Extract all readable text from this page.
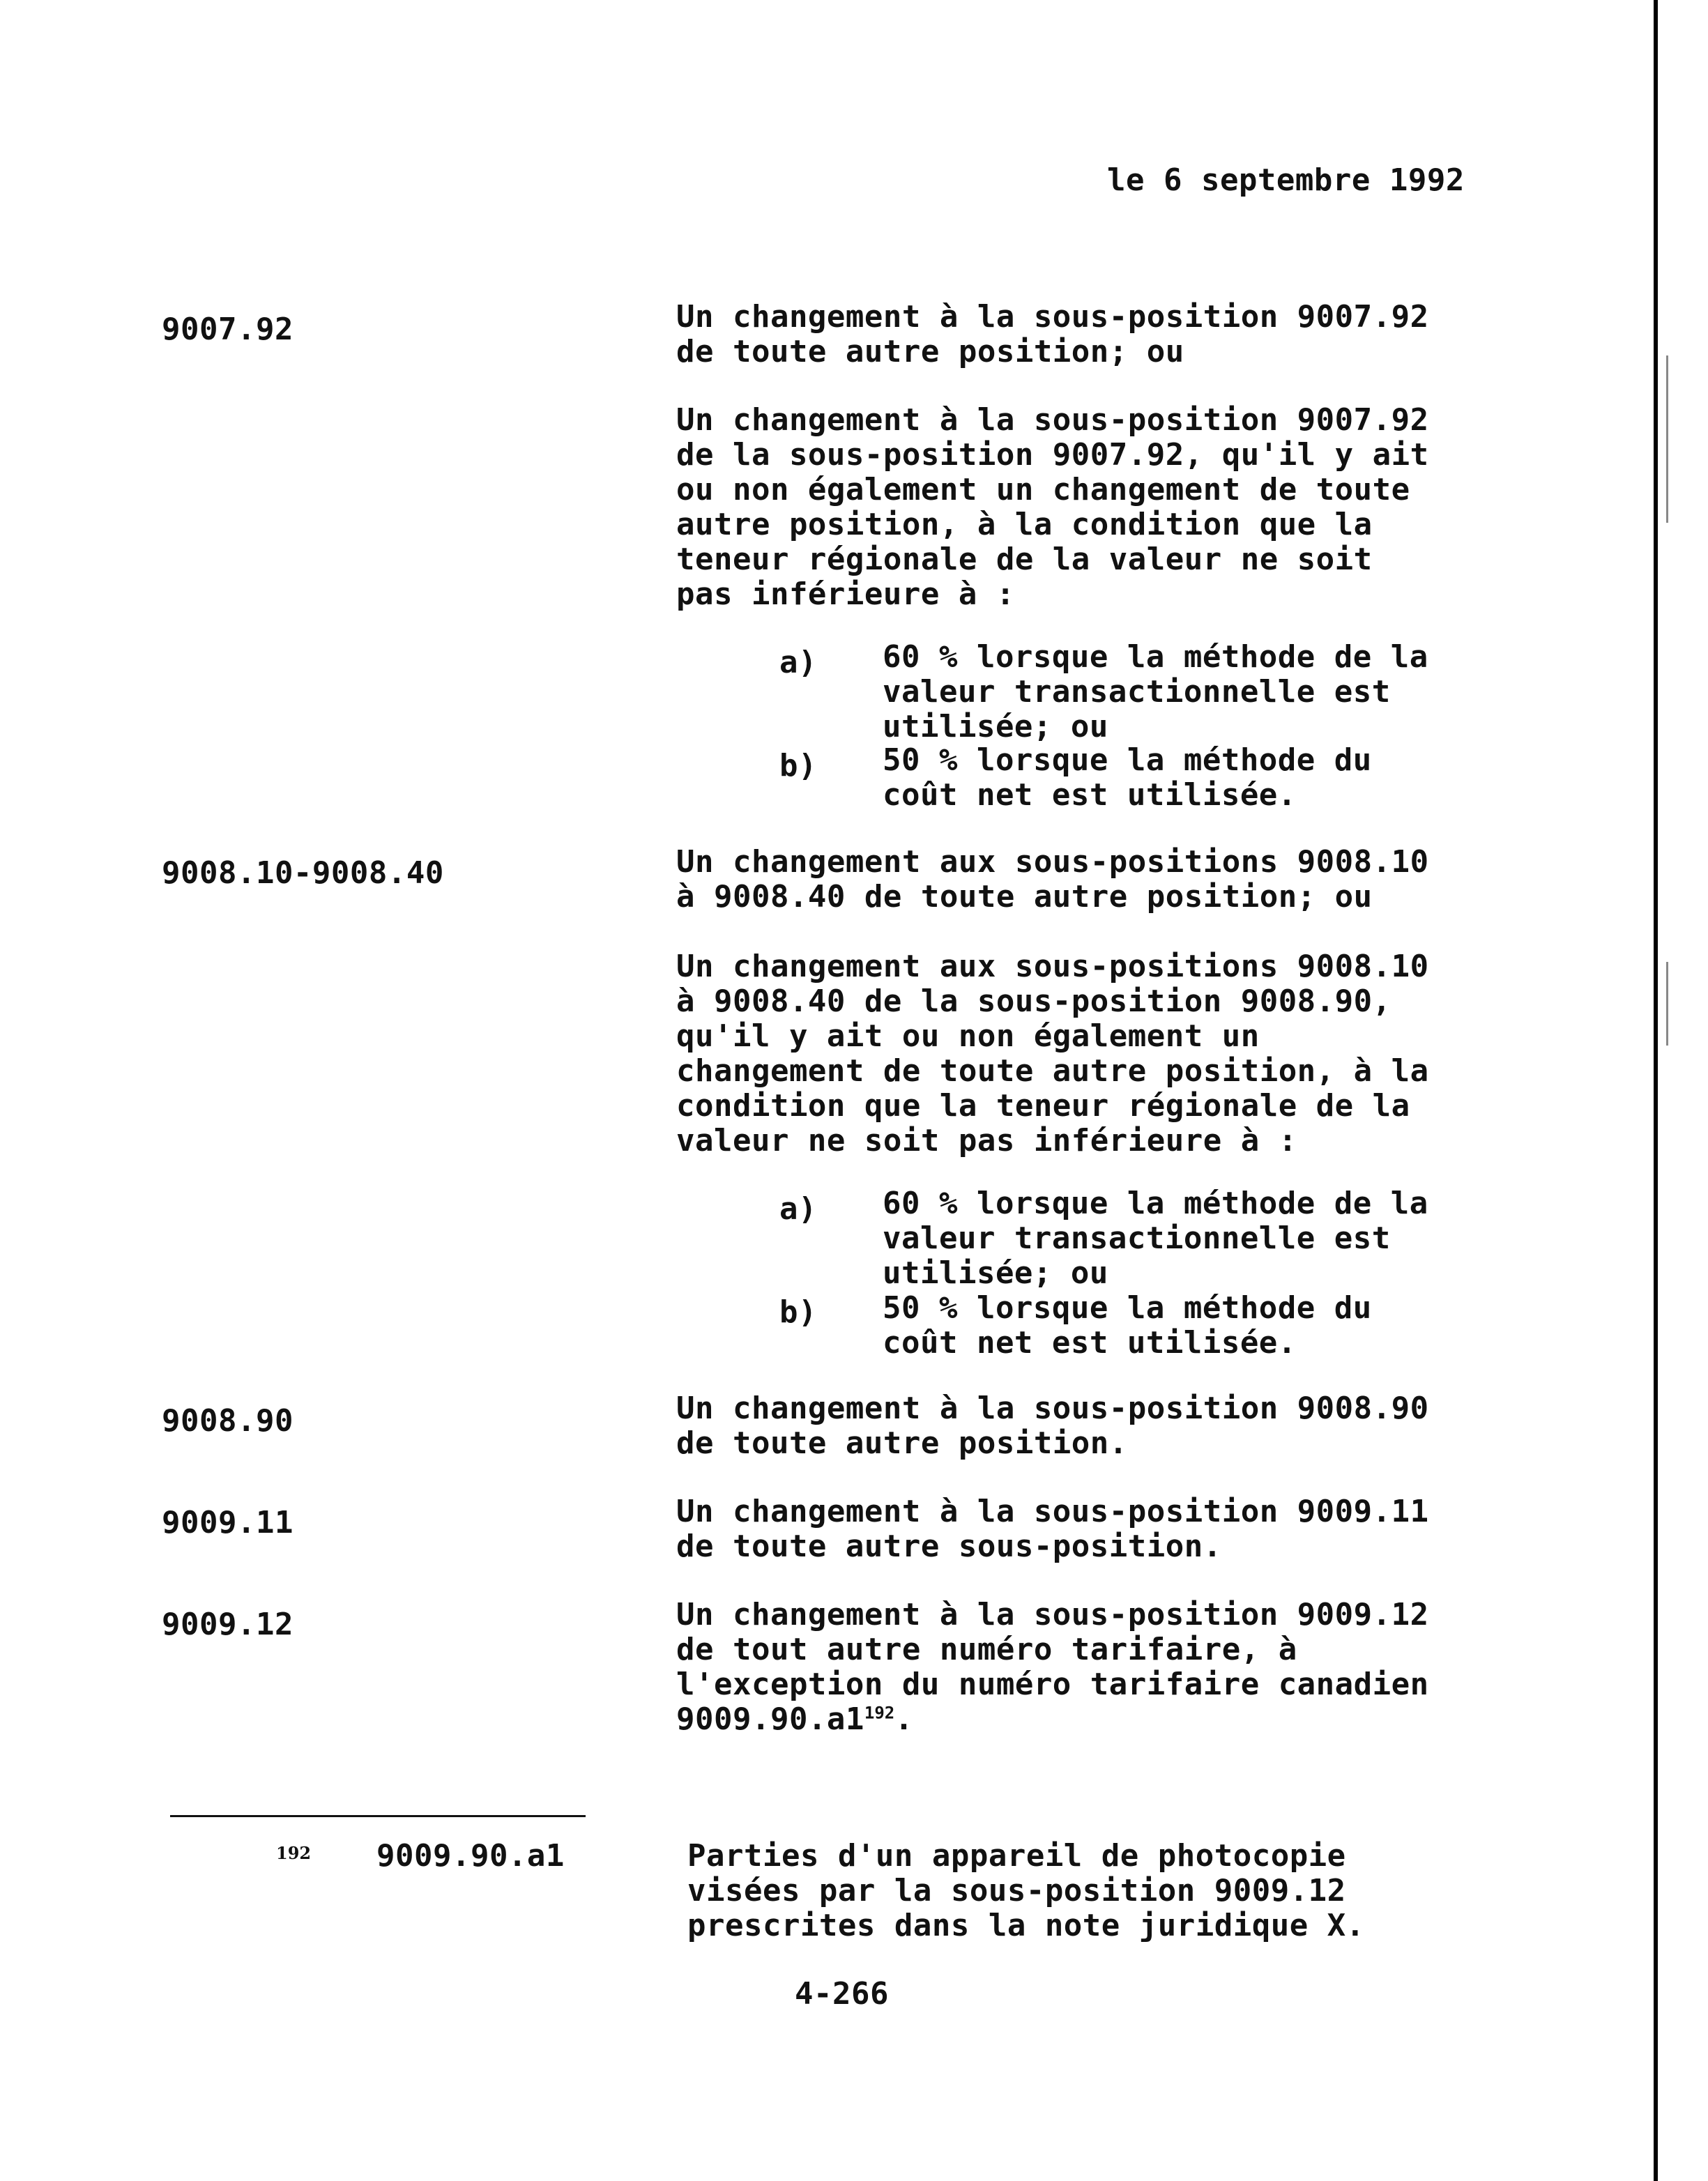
le 6 septembre 1992
9007.92	Un changement à la sous-position 9007.92
de toute autre position; ou
Un changement à la sous-position 9007.92
de la sous-position 9007.92, qu'il y ait
ou non également un changement de toute
autre position, à la condition que la
teneur régionale de la valeur ne soit
pas inférieure à :
a) 60 % lorsque la méthode de la
valeur transactionnelle est
utilisée; ou
b) 50 % lorsque la méthode du
coût net est utilisée.
9008.10-9008.40	Un changement aux sous-positions 9008.10
à 9008.40 de toute autre position; ou
Un changement aux sous-positions 9008.10
à 9008.40 de la sous-position 9008.90,
qu'il y ait ou non également un
changement de toute autre position, à la
condition que la teneur régionale de la
valeur ne soit pas inférieure à :
a) 60 % lorsque la méthode de la
valeur transactionnelle est
utilisée; ou
b) 50 % lorsque la méthode du
coût net est utilisée.
9008.90	Un changement à la sous-position 9008.90
de toute autre position.
9009.11	Un changement à la sous-position 9009.11
de toute autre sous-position.
9009.12	Un changement à la sous-position 9009.12
de tout autre numéro tarifaire, à
l'exception du numéro tarifaire canadien
9009.90.a1$^{192}$.
192 9009.90.a1	Parties d'un appareil de photocopie
visées par la sous-position 9009.12
prescrites dans la note juridique X.
4-266
